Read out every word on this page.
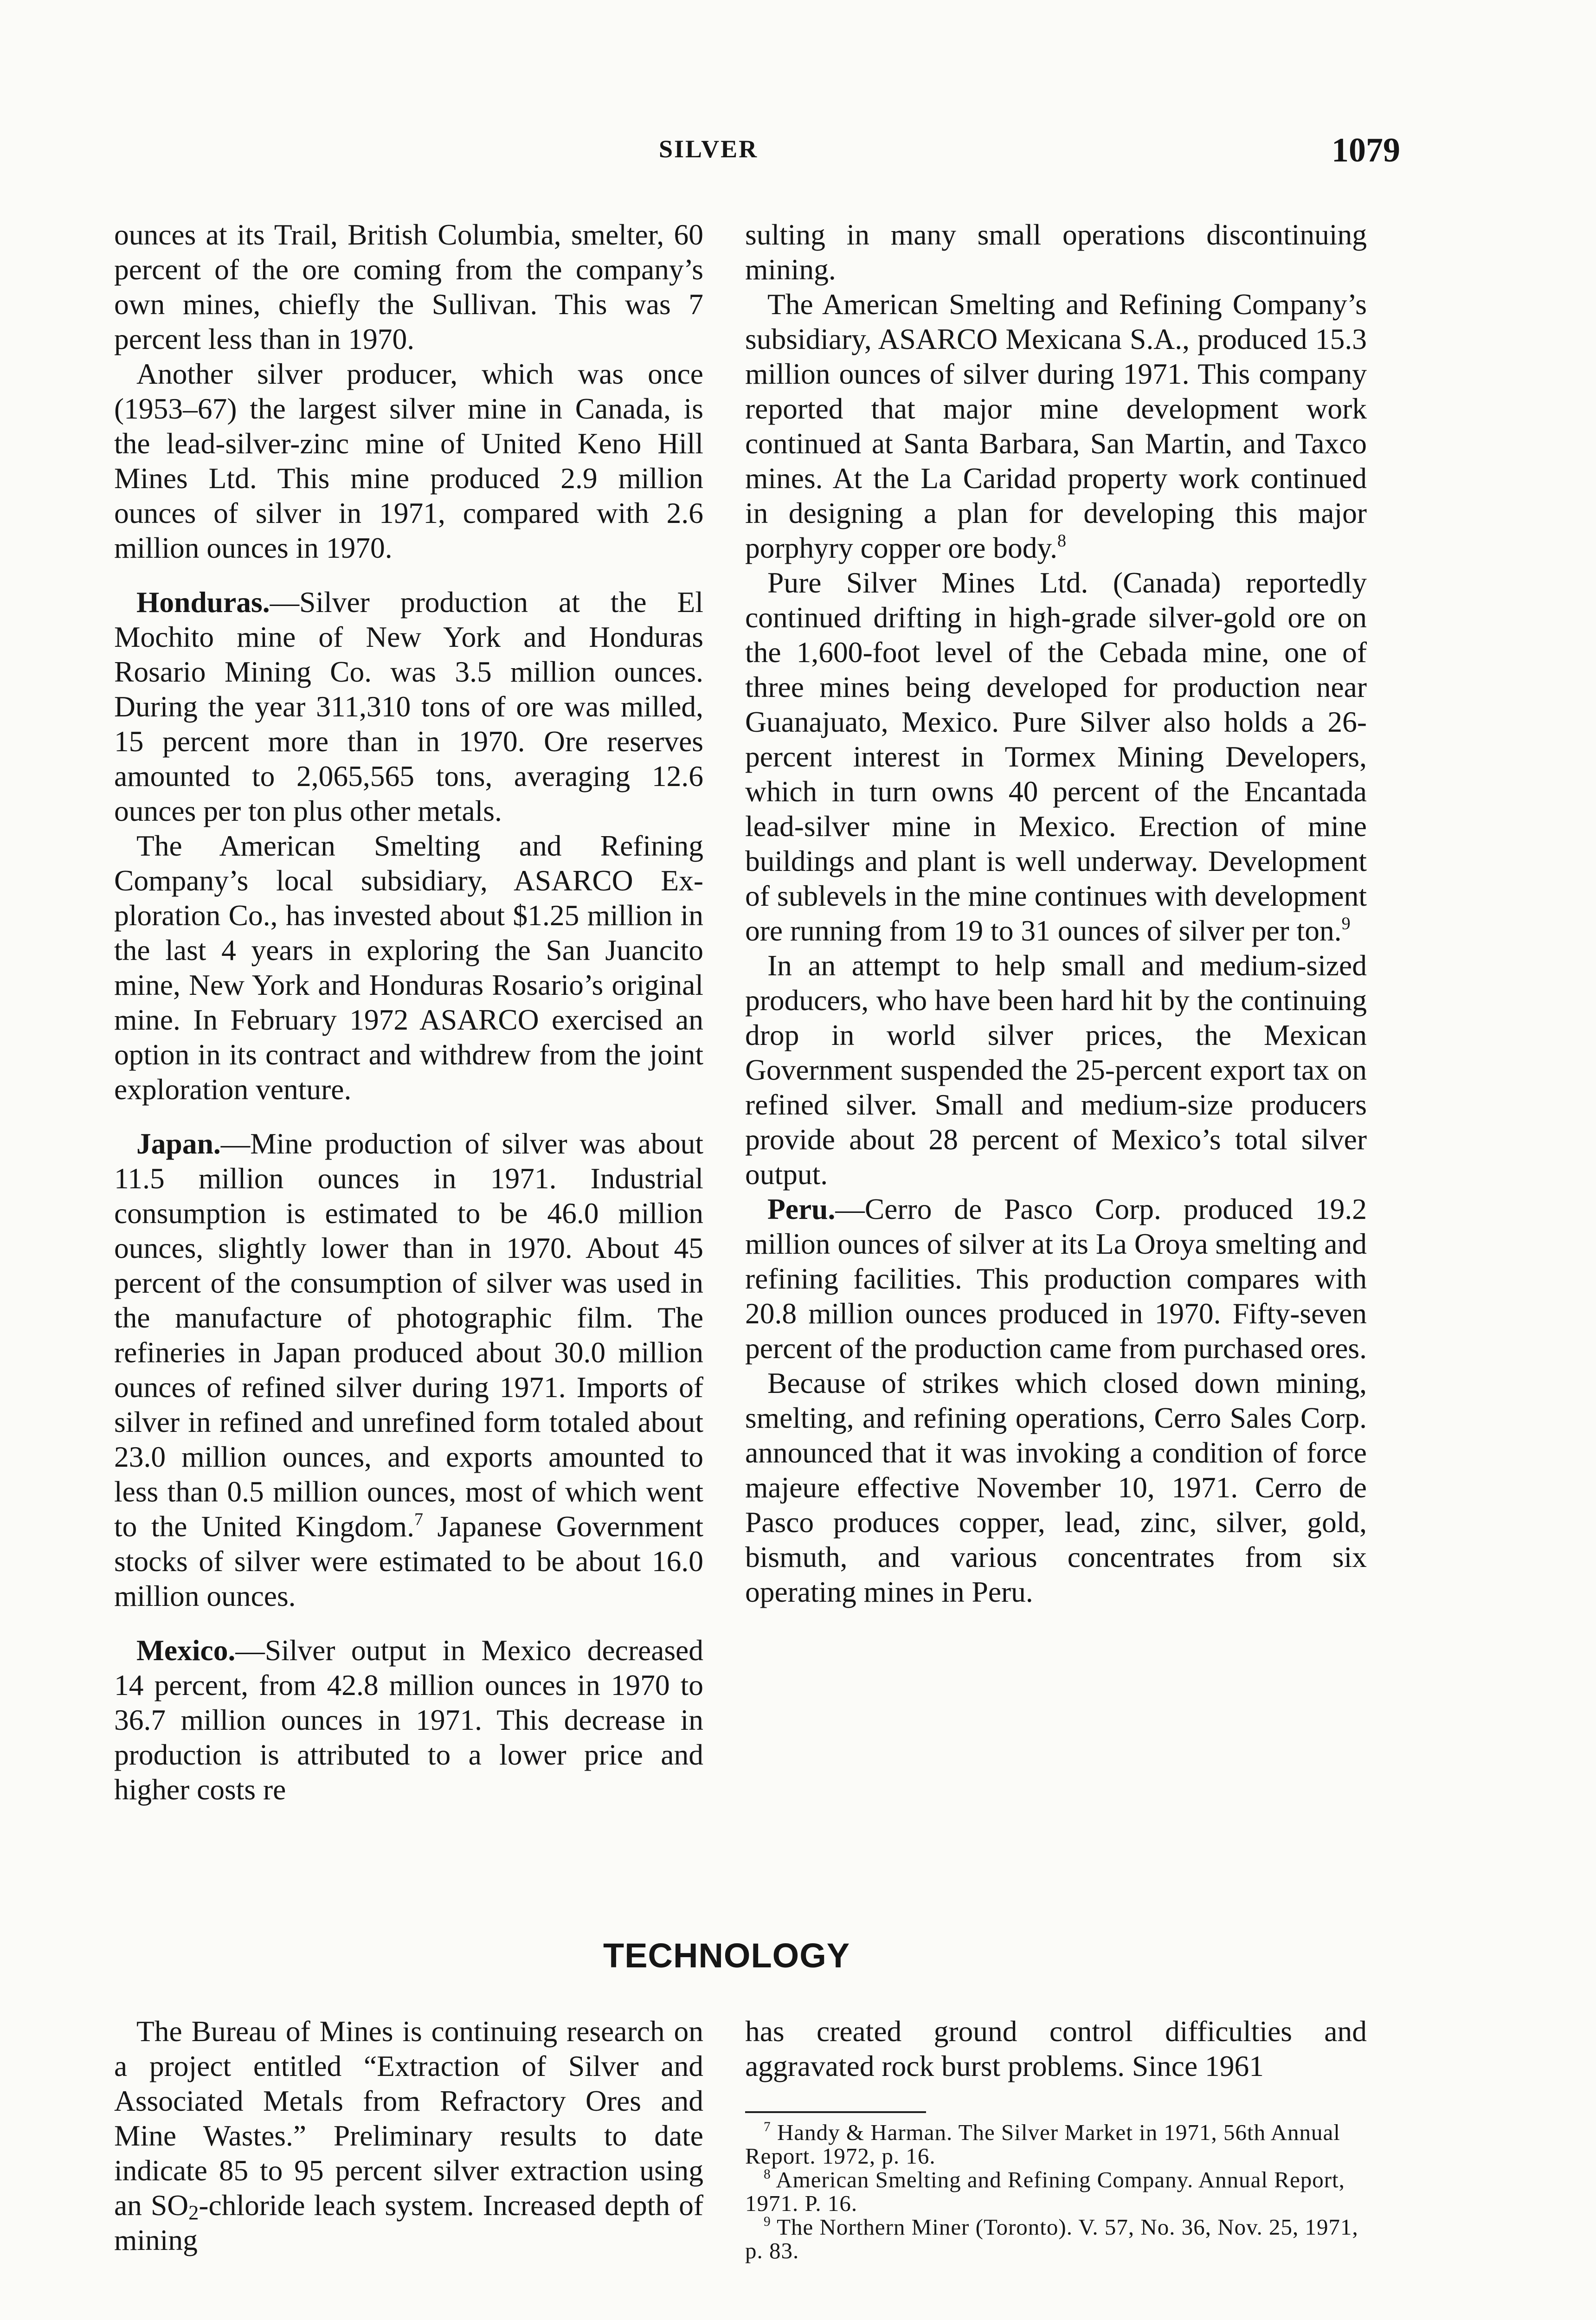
SILVER	1079

ounces at its Trail, British Columbia, smelter, 60 percent of the ore coming from the company’s own mines, chiefly the Sullivan. This was 7 percent less than in 1970.

Another silver producer, which was once (1953–67) the largest silver mine in Canada, is the lead-silver-zinc mine of United Keno Hill Mines Ltd. This mine produced 2.9 million ounces of silver in 1971, compared with 2.6 million ounces in 1970.

Honduras.—Silver production at the El Mochito mine of New York and Honduras Rosario Mining Co. was 3.5 million ounces. During the year 311,310 tons of ore was milled, 15 percent more than in 1970. Ore reserves amounted to 2,065,565 tons, averaging 12.6 ounces per ton plus other metals.

The American Smelting and Refining Company’s local subsidiary, ASARCO Exploration Co., has invested about $1.25 million in the last 4 years in exploring the San Juancito mine, New York and Honduras Rosario’s original mine. In February 1972 ASARCO exercised an option in its contract and withdrew from the joint exploration venture.

Japan.—Mine production of silver was about 11.5 million ounces in 1971. Industrial consumption is estimated to be 46.0 million ounces, slightly lower than in 1970. About 45 percent of the consumption of silver was used in the manufacture of photographic film. The refineries in Japan produced about 30.0 million ounces of refined silver during 1971. Imports of silver in refined and unrefined form totaled about 23.0 million ounces, and exports amounted to less than 0.5 million ounces, most of which went to the United Kingdom.$^7$ Japanese Government stocks of silver were estimated to be about 16.0 million ounces.

Mexico.—Silver output in Mexico decreased 14 percent, from 42.8 million ounces in 1970 to 36.7 million ounces in 1971. This decrease in production is attributed to a lower price and higher costs re

sulting in many small operations discontinuing mining.

The American Smelting and Refining Company’s subsidiary, ASARCO Mexicana S.A., produced 15.3 million ounces of silver during 1971. This company reported that major mine development work continued at Santa Barbara, San Martin, and Taxco mines. At the La Caridad property work continued in designing a plan for developing this major porphyry copper ore body.$^8$

Pure Silver Mines Ltd. (Canada) reportedly continued drifting in high-grade silver-gold ore on the 1,600-foot level of the Cebada mine, one of three mines being developed for production near Guanajuato, Mexico. Pure Silver also holds a 26-percent interest in Tormex Mining Developers, which in turn owns 40 percent of the Encantada lead-silver mine in Mexico. Erection of mine buildings and plant is well underway. Development of sublevels in the mine continues with development ore running from 19 to 31 ounces of silver per ton.$^9$

In an attempt to help small and medium-sized producers, who have been hard hit by the continuing drop in world silver prices, the Mexican Government suspended the 25-percent export tax on refined silver. Small and medium-size producers provide about 28 percent of Mexico’s total silver output.

Peru.—Cerro de Pasco Corp. produced 19.2 million ounces of silver at its La Oroya smelting and refining facilities. This production compares with 20.8 million ounces produced in 1970. Fifty-seven percent of the production came from purchased ores.

Because of strikes which closed down mining, smelting, and refining operations, Cerro Sales Corp. announced that it was invoking a condition of force majeure effective November 10, 1971. Cerro de Pasco produces copper, lead, zinc, silver, gold, bismuth, and various concentrates from six operating mines in Peru.

TECHNOLOGY

The Bureau of Mines is continuing research on a project entitled “Extraction of Silver and Associated Metals from Refractory Ores and Mine Wastes.” Preliminary results to date indicate 85 to 95 percent silver extraction using an $SO_2$-chloride leach system. Increased depth of mining

has created ground control difficulties and aggravated rock burst problems. Since 1961

$^7$ Handy & Harman. The Silver Market in 1971, 56th Annual Report. 1972, p. 16.

$^8$ American Smelting and Refining Company. Annual Report, 1971. P. 16.

$^9$ The Northern Miner (Toronto). V. 57, No. 36, Nov. 25, 1971, p. 83.
